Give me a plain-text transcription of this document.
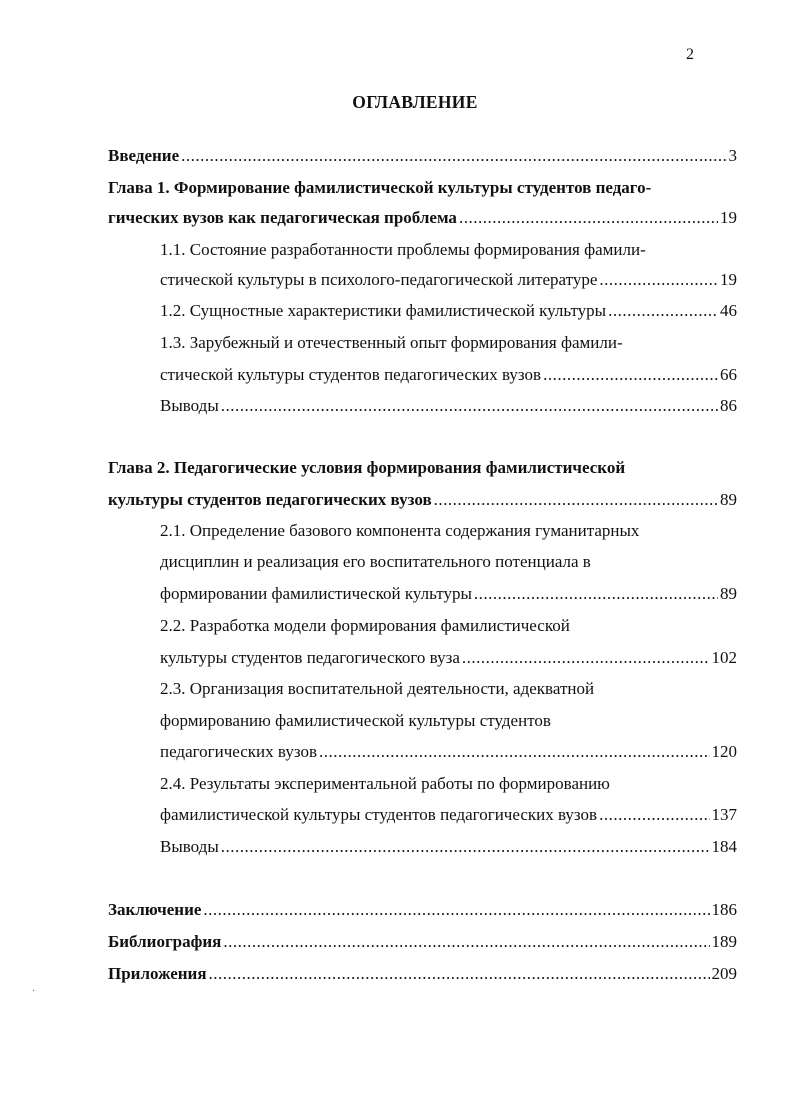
2
ОГЛАВЛЕНИЕ
Введение .....	3
Глава 1. Формирование фамилистической культуры студентов педаго-
гических вузов как педагогическая проблема .....	19
1.1. Состояние разработанности проблемы формирования фамили-
стической культуры в психолого-педагогической литературе .....	19
1.2. Сущностные характеристики фамилистической культуры .....	46
1.3. Зарубежный и отечественный опыт формирования фамили-
стической культуры студентов педагогических вузов .....	66
Выводы .....	86
Глава 2. Педагогические условия формирования фамилистической
культуры студентов педагогических вузов .....	89
2.1. Определение базового компонента содержания гуманитарных
дисциплин и реализация его воспитательного потенциала в
формировании фамилистической культуры .....	89
2.2. Разработка модели формирования фамилистической
культуры студентов педагогического вуза .....	102
2.3. Организация воспитательной деятельности, адекватной
формированию фамилистической культуры студентов
педагогических вузов .....	120
2.4. Результаты экспериментальной работы по формированию
фамилистической культуры студентов педагогических вузов .....	137
Выводы .....	184
Заключение .....	186
Библиография .....	189
Приложения .....	209
·
